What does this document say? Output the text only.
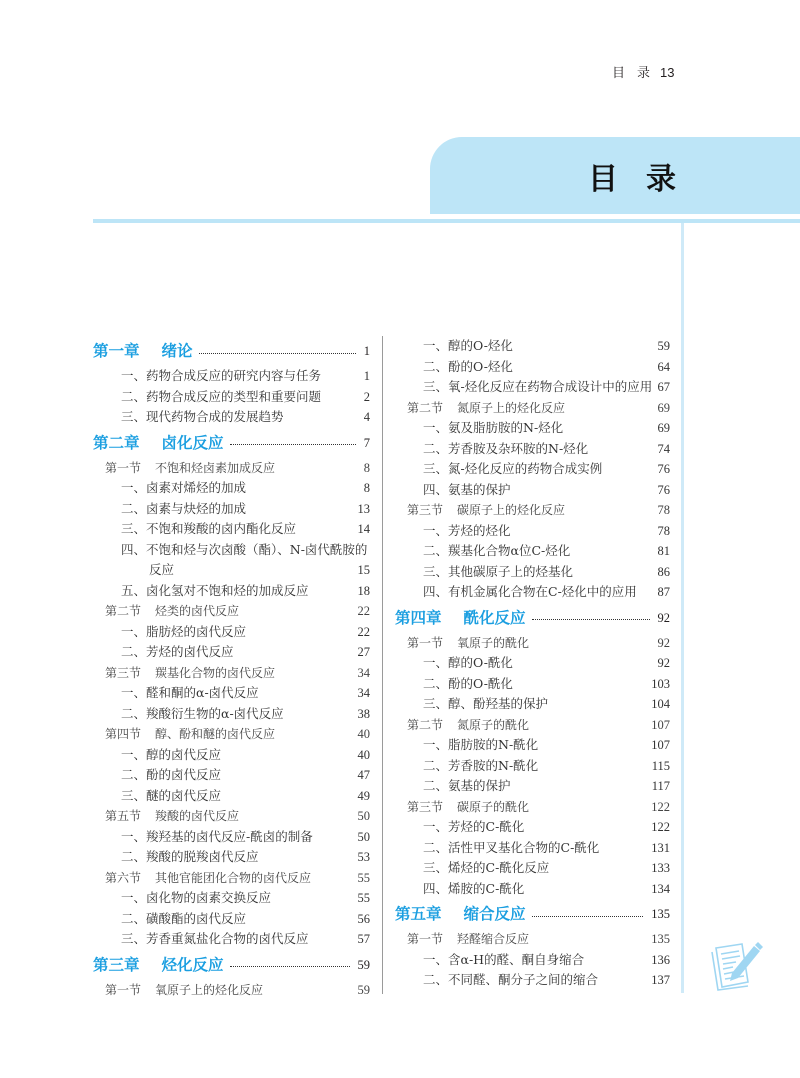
目 录 13
目 录
第一章 绪论	1
一、药物合成反应的研究内容与任务	1
二、药物合成反应的类型和重要问题	2
三、现代药物合成的发展趋势	4
第二章 卤化反应	7
第一节 不饱和烃卤素加成反应	8
一、卤素对烯烃的加成	8
二、卤素与炔烃的加成	13
三、不饱和羧酸的卤内酯化反应	14
四、不饱和烃与次卤酸（酯）、N-卤代酰胺的
反应	15
五、卤化氢对不饱和烃的加成反应	18
第二节 烃类的卤代反应	22
一、脂肪烃的卤代反应	22
二、芳烃的卤代反应	27
第三节 羰基化合物的卤代反应	34
一、醛和酮的α-卤代反应	34
二、羧酸衍生物的α-卤代反应	38
第四节 醇、酚和醚的卤代反应	40
一、醇的卤代反应	40
二、酚的卤代反应	47
三、醚的卤代反应	49
第五节 羧酸的卤代反应	50
一、羧羟基的卤代反应-酰卤的制备	50
二、羧酸的脱羧卤代反应	53
第六节 其他官能团化合物的卤代反应	55
一、卤化物的卤素交换反应	55
二、磺酸酯的卤代反应	56
三、芳香重氮盐化合物的卤代反应	57
第三章 烃化反应	59
第一节 氧原子上的烃化反应	59
一、醇的O-烃化	59
二、酚的O-烃化	64
三、氧-烃化反应在药物合成设计中的应用 67
第二节 氮原子上的烃化反应	69
一、氨及脂肪胺的N-烃化	69
二、芳香胺及杂环胺的N-烃化	74
三、氮-烃化反应的药物合成实例	76
四、氨基的保护	76
第三节 碳原子上的烃化反应	78
一、芳烃的烃化	78
二、羰基化合物α位C-烃化	81
三、其他碳原子上的烃基化	86
四、有机金属化合物在C-烃化中的应用 87
第四章 酰化反应	92
第一节 氧原子的酰化	92
一、醇的O-酰化	92
二、酚的O-酰化	103
三、醇、酚羟基的保护	104
第二节 氮原子的酰化	107
一、脂肪胺的N-酰化	107
二、芳香胺的N-酰化	115
二、氨基的保护	117
第三节 碳原子的酰化	122
一、芳烃的C-酰化	122
二、活性甲叉基化合物的C-酰化	131
三、烯烃的C-酰化反应	133
四、烯胺的C-酰化	134
第五章 缩合反应	135
第一节 羟醛缩合反应	135
一、含α-H的醛、酮自身缩合	136
二、不同醛、酮分子之间的缩合	137
